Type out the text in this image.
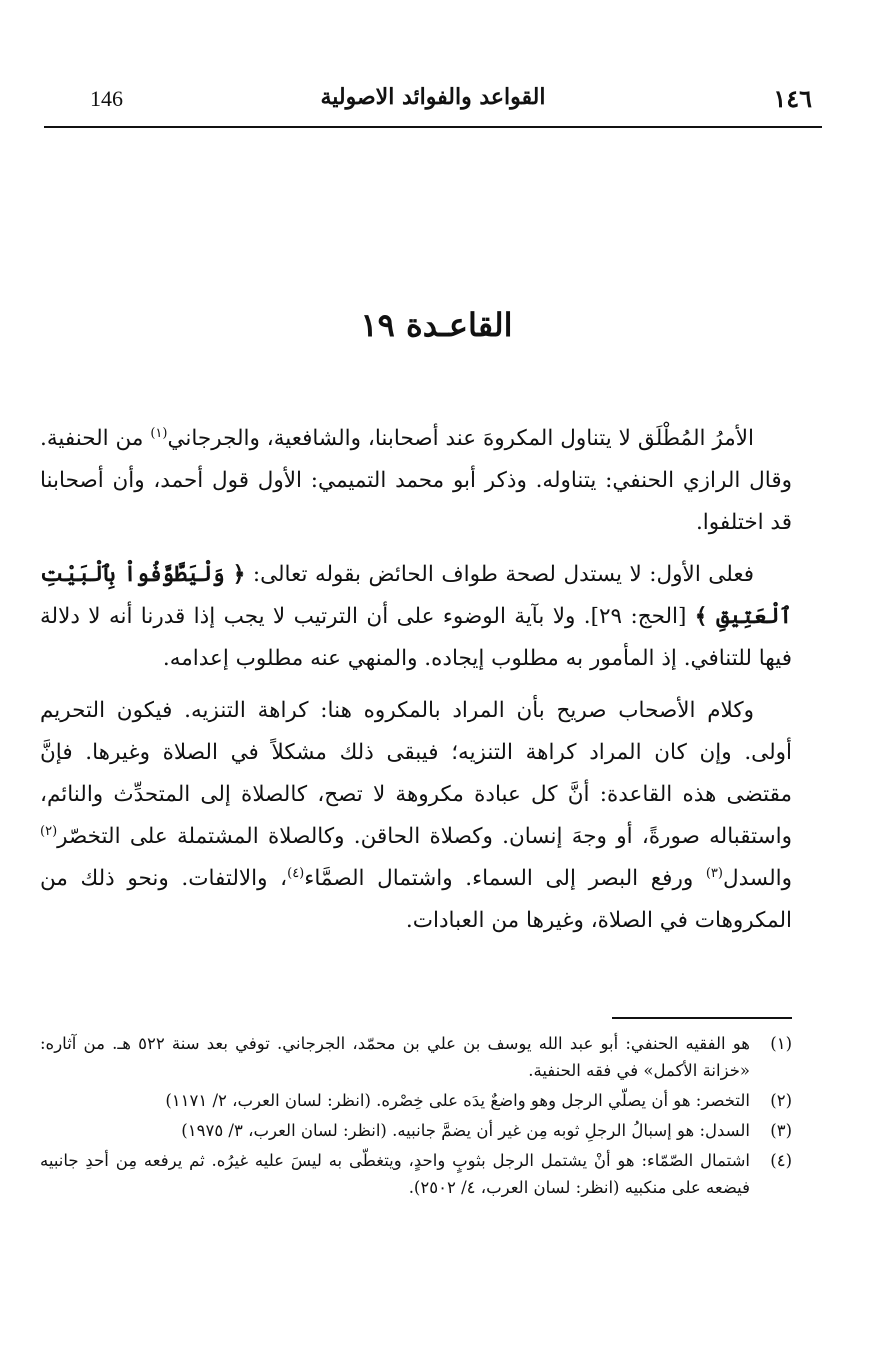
146	القواعد والفوائد الاصولية	١٤٦
القاعـدة ١٩

الأمرُ المُطْلَق لا يتناول المكروهَ عند أصحابنا، والشافعية، والجرجاني$^{(١)}$ من الحنفية. وقال الرازي الحنفي: يتناوله. وذكر أبو محمد التميمي: الأول قول أحمد، وأن أصحابنا قد اختلفوا.

فعلى الأول: لا يستدل لصحة طواف الحائض بقوله تعالى: ﴿ وَلْيَطَّوَّفُواْ بِٱلْبَيْتِ ٱلْعَتِيقِ ﴾ [الحج: ٢٩]. ولا بآية الوضوء على أن الترتيب لا يجب إذا قدرنا أنه لا دلالة فيها للتنافي. إذ المأمور به مطلوب إيجاده. والمنهي عنه مطلوب إعدامه.

وكلام الأصحاب صريح بأن المراد بالمكروه هنا: كراهة التنزيه. فيكون التحريم أولى. وإن كان المراد كراهة التنزيه؛ فيبقى ذلك مشكلاً في الصلاة وغيرها. فإنَّ مقتضى هذه القاعدة: أنَّ كل عبادة مكروهة لا تصح، كالصلاة إلى المتحدِّث والنائم، واستقباله صورةً، أو وجهَ إنسان. وكصلاة الحاقن. وكالصلاة المشتملة على التخصّر$^{(٢)}$ والسدل$^{(٣)}$ ورفع البصر إلى السماء. واشتمال الصمَّاء$^{(٤)}$، والالتفات. ونحو ذلك من المكروهات في الصلاة، وغيرها من العبادات.

(١)
هو الفقيه الحنفي: أبو عبد الله يوسف بن علي بن محمّد، الجرجاني. توفي بعد سنة ٥٢٢ هـ. من آثاره: «خزانة الأكمل» في فقه الحنفية.
(٢)
التخصر: هو أن يصلّي الرجل وهو واضعٌ يدَه على خِصْره. (انظر: لسان العرب، ٢/ ١١٧١)
(٣)
السدل: هو إسبالُ الرجلِ ثوبه مِن غير أن يضمَّ جانبيه. (انظر: لسان العرب، ٣/ ١٩٧٥)
(٤)
اشتمال الصّمّاء: هو أنْ يشتمل الرجل بثوبٍ واحدٍ، ويتغطّى به ليسَ عليه غيرُه. ثم يرفعه مِن أحدِ جانبيه فيضعه على منكبيه (انظر: لسان العرب، ٤/ ٢٥٠٢).
